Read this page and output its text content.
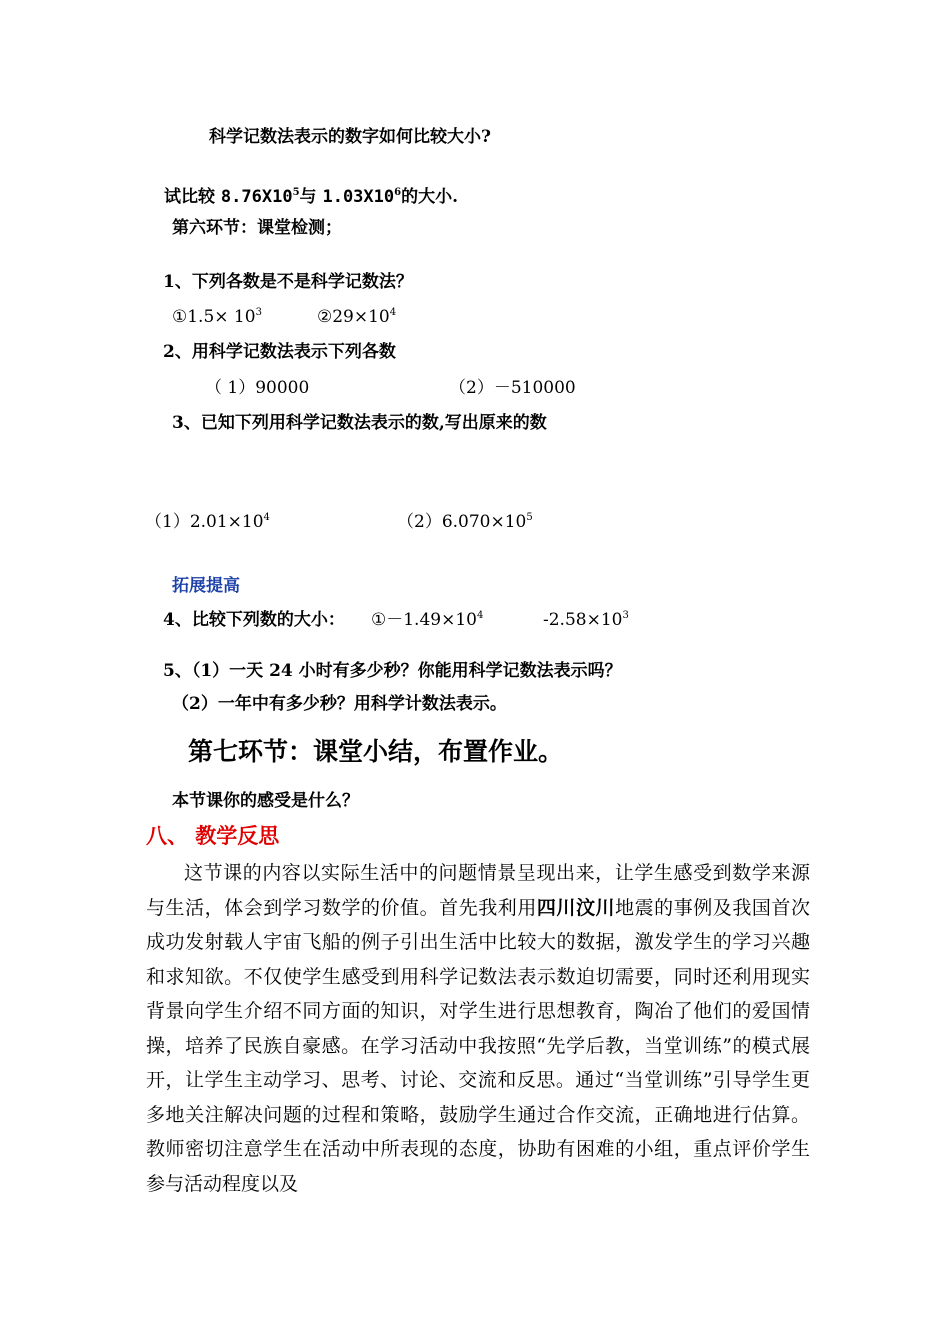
科学记数法表示的数字如何比较大小?
试比较 $8.76X10^5$与 $1.03X10^6$的大小.
第六环节：课堂检测；
1、下列各数是不是科学记数法？
①1.5× $10^3$	$②29\times 10^4$
2、用科学记数法表示下列各数
（ 1）90000	（2）－510000
3、已知下列用科学记数法表示的数,写出原来的数
$(1)2.01\times 10^4$	$(2)6.070\times 10^5$
拓展提高
4、比较下列数的大小： $①-1.49\times 10^4$	$-2.58\times 10^3$
5、（1）一天 24 小时有多少秒？你能用科学记数法表示吗？
（2）一年中有多少秒？用科学计数法表示。
第七环节：课堂小结，布置作业。
本节课你的感受是什么？
八、 教学反思
这节课的内容以实际生活中的问题情景呈现出来，让学生感受到数学来源与生活，体会到学习数学的价值。首先我利用四川汶川地震的事例及我国首次成功发射载人宇宙飞船的例子引出生活中比较大的数据，激发学生的学习兴趣和求知欲。不仅使学生感受到用科学记数法表示数迫切需要，同时还利用现实背景向学生介绍不同方面的知识，对学生进行思想教育，陶冶了他们的爱国情操，培养了民族自豪感。在学习活动中我按照“先学后教，当堂训练”的模式展开，让学生主动学习、思考、讨论、交流和反思。通过“当堂训练”引导学生更多地关注解决问题的过程和策略，鼓励学生通过合作交流，正确地进行估算。教师密切注意学生在活动中所表现的态度，协助有困难的小组，重点评价学生参与活动程度以及
